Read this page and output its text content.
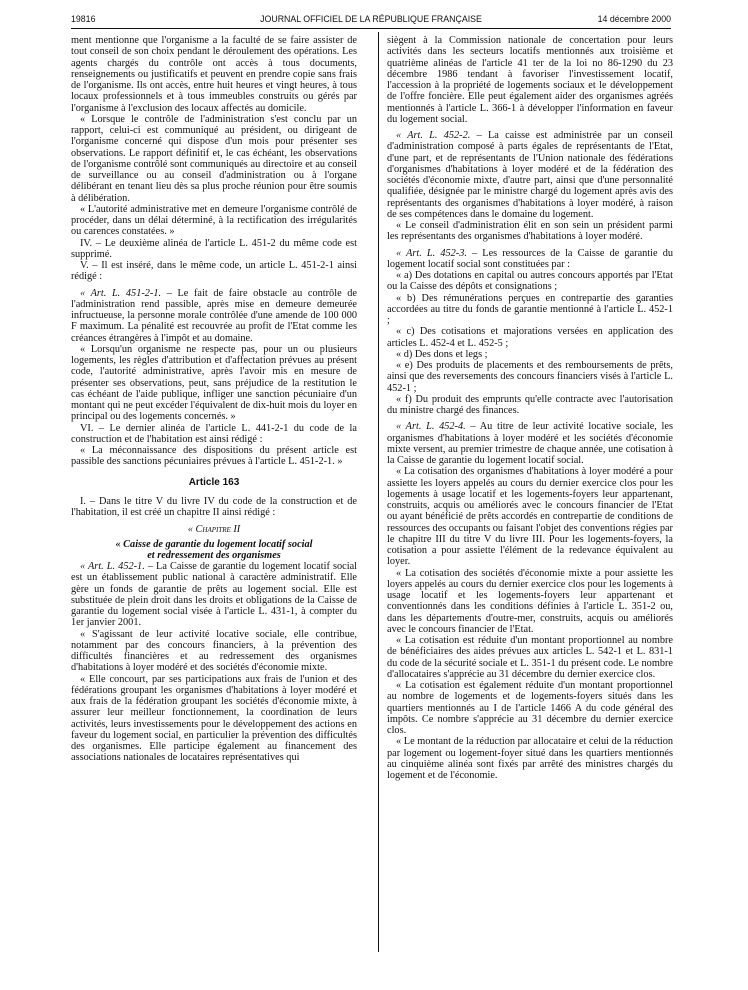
19816	JOURNAL OFFICIEL DE LA RÉPUBLIQUE FRANÇAISE	14 décembre 2000

ment mentionne que l'organisme a la faculté de se faire assister de tout conseil de son choix pendant le déroulement des opérations. Les agents chargés du contrôle ont accès à tous documents, renseignements ou justificatifs et peuvent en prendre copie sans frais de l'organisme. Ils ont accès, entre huit heures et vingt heures, à tous locaux professionnels et à tous immeubles construits ou gérés par l'organisme à l'exclusion des locaux affectés au domicile.

« Lorsque le contrôle de l'administration s'est conclu par un rapport, celui-ci est communiqué au président, ou dirigeant de l'organisme concerné qui dispose d'un mois pour présenter ses observations. Le rapport définitif et, le cas échéant, les observations de l'organisme contrôlé sont communiqués au directoire et au conseil de surveillance ou au conseil d'administration ou à l'organe délibérant en tenant lieu dès sa plus proche réunion pour être soumis à délibération.

« L'autorité administrative met en demeure l'organisme contrôlé de procéder, dans un délai déterminé, à la rectification des irrégularités ou carences constatées. »

IV. – Le deuxième alinéa de l'article L. 451-2 du même code est supprimé.

V. – Il est inséré, dans le même code, un article L. 451-2-1 ainsi rédigé :

« Art. L. 451-2-1. – Le fait de faire obstacle au contrôle de l'administration rend passible, après mise en demeure demeurée infructueuse, la personne morale contrôlée d'une amende de 100 000 F maximum. La pénalité est recouvrée au profit de l'Etat comme les créances étrangères à l'impôt et au domaine.

« Lorsqu'un organisme ne respecte pas, pour un ou plusieurs logements, les règles d'attribution et d'affectation prévues au présent code, l'autorité administrative, après l'avoir mis en mesure de présenter ses observations, peut, sans préjudice de la restitution le cas échéant de l'aide publique, infliger une sanction pécuniaire d'un montant qui ne peut excéder l'équivalent de dix-huit mois du loyer en principal ou des logements concernés. »

VI. – Le dernier alinéa de l'article L. 441-2-1 du code de la construction et de l'habitation est ainsi rédigé :

« La méconnaissance des dispositions du présent article est passible des sanctions pécuniaires prévues à l'article L. 451-2-1. »

Article 163

I. – Dans le titre V du livre IV du code de la construction et de l'habitation, il est créé un chapitre II ainsi rédigé :

« Chapitre II

« Caisse de garantie du logement locatif social

et redressement des organismes

« Art. L. 452-1. – La Caisse de garantie du logement locatif social est un établissement public national à caractère administratif. Elle gère un fonds de garantie de prêts au logement social. Elle est substituée de plein droit dans les droits et obligations de la Caisse de garantie du logement social visée à l'article L. 431-1, à compter du 1er janvier 2001.

« S'agissant de leur activité locative sociale, elle contribue, notamment par des concours financiers, à la prévention des difficultés financières et au redressement des organismes d'habitations à loyer modéré et des sociétés d'économie mixte.

« Elle concourt, par ses participations aux frais de l'union et des fédérations groupant les organismes d'habitations à loyer modéré et aux frais de la fédération groupant les sociétés d'économie mixte, à assurer leur meilleur fonctionnement, la coordination de leurs activités, leurs investissements pour le développement des actions en faveur du logement social, en particulier la prévention des difficultés des organismes. Elle participe également au financement des associations nationales de locataires représentatives qui

siègent à la Commission nationale de concertation pour leurs activités dans les secteurs locatifs mentionnés aux troisième et quatrième alinéas de l'article 41 ter de la loi no 86-1290 du 23 décembre 1986 tendant à favoriser l'investissement locatif, l'accession à la propriété de logements sociaux et le développement de l'offre foncière. Elle peut également aider des organismes agréés mentionnés à l'article L. 366-1 à développer l'information en faveur du logement social.

« Art. L. 452-2. – La caisse est administrée par un conseil d'administration composé à parts égales de représentants de l'Etat, d'une part, et de représentants de l'Union nationale des fédérations d'organismes d'habitations à loyer modéré et de la fédération des sociétés d'économie mixte, d'autre part, ainsi que d'une personnalité qualifiée, désignée par le ministre chargé du logement après avis des représentants des organismes d'habitations à loyer modéré, à raison de ses compétences dans le domaine du logement.

« Le conseil d'administration élit en son sein un président parmi les représentants des organismes d'habitations à loyer modéré.

« Art. L. 452-3. – Les ressources de la Caisse de garantie du logement locatif social sont constituées par :

« a) Des dotations en capital ou autres concours apportés par l'Etat ou la Caisse des dépôts et consignations ;

« b) Des rémunérations perçues en contrepartie des garanties accordées au titre du fonds de garantie mentionné à l'article L. 452-1 ;

« c) Des cotisations et majorations versées en application des articles L. 452-4 et L. 452-5 ;

« d) Des dons et legs ;

« e) Des produits de placements et des remboursements de prêts, ainsi que des reversements des concours financiers visés à l'article L. 452-1 ;

« f) Du produit des emprunts qu'elle contracte avec l'autorisation du ministre chargé des finances.

« Art. L. 452-4. – Au titre de leur activité locative sociale, les organismes d'habitations à loyer modéré et les sociétés d'économie mixte versent, au premier trimestre de chaque année, une cotisation à la Caisse de garantie du logement locatif social.

« La cotisation des organismes d'habitations à loyer modéré a pour assiette les loyers appelés au cours du dernier exercice clos pour les logements à usage locatif et les logements-foyers leur appartenant, construits, acquis ou améliorés avec le concours financier de l'Etat ou ayant bénéficié de prêts accordés en contrepartie de conditions de ressources des occupants ou faisant l'objet des conventions régies par le chapitre III du titre V du livre III. Pour les logements-foyers, la cotisation a pour assiette l'élément de la redevance équivalent au loyer.

« La cotisation des sociétés d'économie mixte a pour assiette les loyers appelés au cours du dernier exercice clos pour les logements à usage locatif et les logements-foyers leur appartenant et conventionnés dans les conditions définies à l'article L. 351-2 ou, dans les départements d'outre-mer, construits, acquis ou améliorés avec le concours financier de l'Etat.

« La cotisation est réduite d'un montant proportionnel au nombre de bénéficiaires des aides prévues aux articles L. 542-1 et L. 831-1 du code de la sécurité sociale et L. 351-1 du présent code. Le nombre d'allocataires s'apprécie au 31 décembre du dernier exercice clos.

« La cotisation est également réduite d'un montant proportionnel au nombre de logements et de logements-foyers situés dans les quartiers mentionnés au I de l'article 1466 A du code général des impôts. Ce nombre s'apprécie au 31 décembre du dernier exercice clos.

« Le montant de la réduction par allocataire et celui de la réduction par logement ou logement-foyer situé dans les quartiers mentionnés au cinquième alinéa sont fixés par arrêté des ministres chargés du logement et de l'économie.
